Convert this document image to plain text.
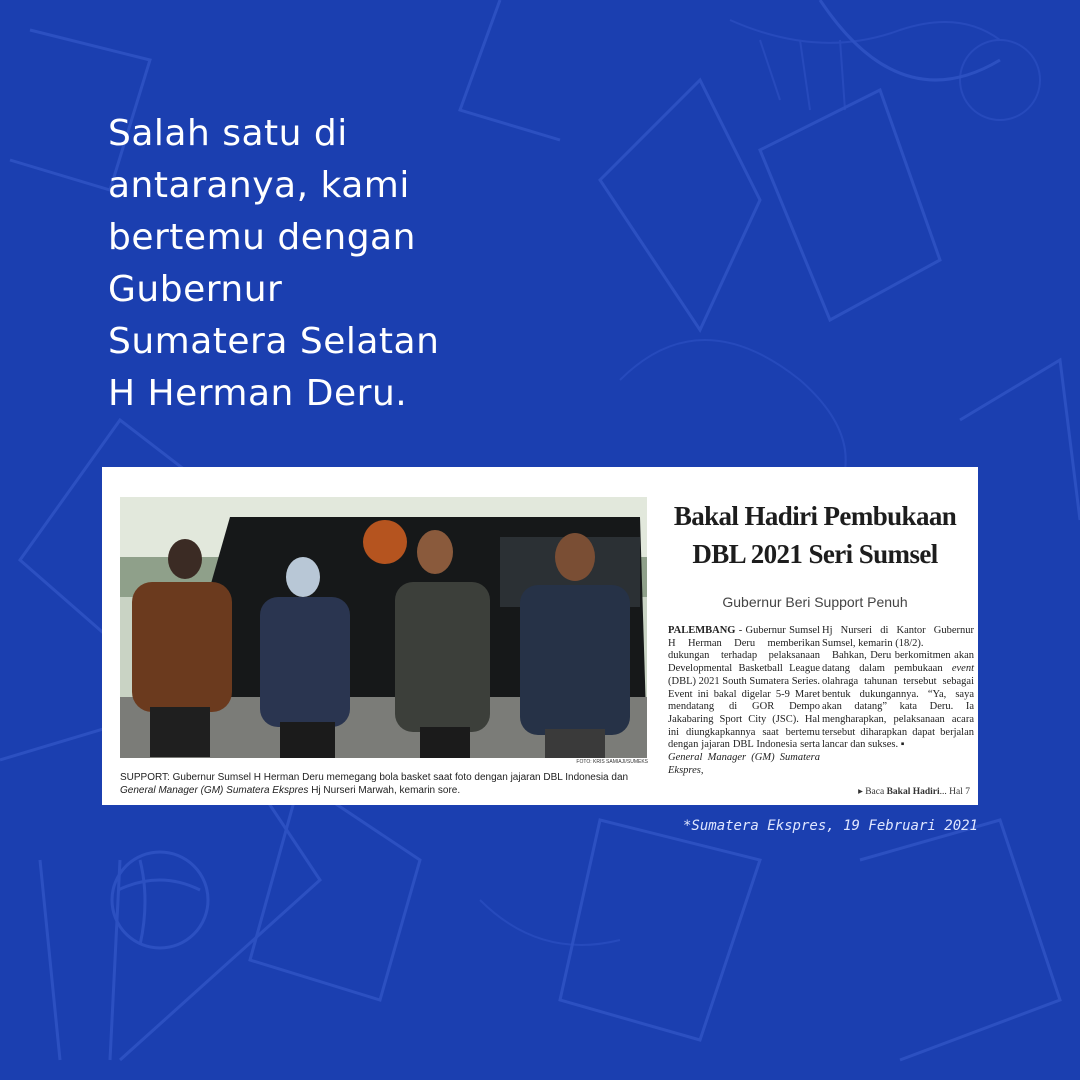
Salah satu di
antaranya, kami
bertemu dengan
Gubernur
Sumatera Selatan
H Herman Deru.
FOTO: KRIS SAMIAJI/SUMEKS
SUPPORT: Gubernur Sumsel H Herman Deru memegang bola basket saat foto dengan jajaran DBL Indonesia dan General Manager (GM) Sumatera Ekspres Hj Nurseri Marwah, kemarin sore.
Bakal Hadiri Pembukaan
DBL 2021 Seri Sumsel
Gubernur Beri Support Penuh

PALEMBANG - Gubernur Sumsel H Herman Deru memberikan dukungan terhadap pelaksanaan Developmental Basketball League (DBL) 2021 South Sumatera Series. Event ini bakal digelar 5-9 Maret mendatang di GOR Dempo Jakabaring Sport City (JSC). Hal ini diungkapkannya saat bertemu dengan jajaran DBL Indonesia serta General Manager (GM) Sumatera Ekspres,

Hj Nurseri di Kantor Gubernur Sumsel, kemarin (18/2).

Bahkan, Deru berkomitmen akan datang dalam pembukaan event olahraga tahunan tersebut sebagai bentuk dukungannya. “Ya, saya akan datang” kata Deru. Ia mengharapkan, pelaksanaan acara tersebut diharapkan dapat berjalan lancar dan sukses. ▪

▸ Baca Bakal Hadiri... Hal 7
*Sumatera Ekspres, 19 Februari 2021
